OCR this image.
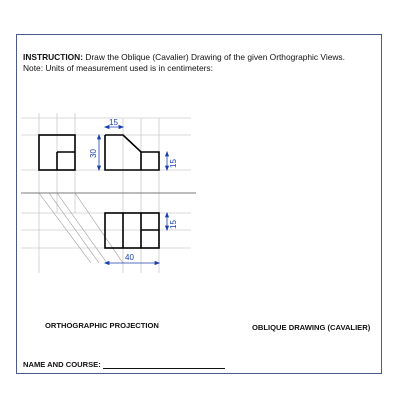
INSTRUCTION: Draw the Oblique (Cavalier) Drawing of the given Orthographic Views. Note: Units of measurement used is in centimeters:
15
30
15
15
40
ORTHOGRAPHIC PROJECTION	OBLIQUE DRAWING (CAVALIER)
NAME AND COURSE:
